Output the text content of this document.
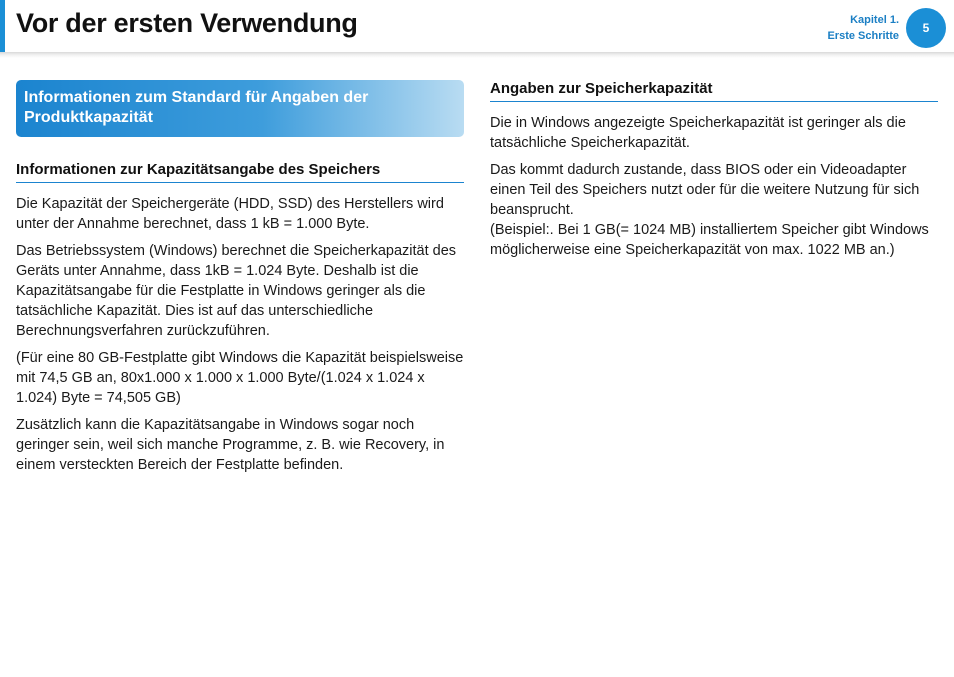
Vor der ersten Verwendung	Kapitel 1.
Erste Schritte
5
Informationen zum Standard für Angaben der Produktkapazität
Informationen zur Kapazitätsangabe des Speichers

Die Kapazität der Speichergeräte (HDD, SSD) des Herstellers wird unter der Annahme berechnet, dass 1 kB = 1.000 Byte.

Das Betriebssystem (Windows) berechnet die Speicherkapazität des Geräts unter Annahme, dass 1kB = 1.024 Byte. Deshalb ist die Kapazitätsangabe für die Festplatte in Windows geringer als die tatsächliche Kapazität. Dies ist auf das unterschiedliche Berechnungsverfahren zurückzuführen.

(Für eine 80 GB-Festplatte gibt Windows die Kapazität beispielsweise mit 74,5 GB an, 80x1.000 x 1.000 x 1.000 Byte/(1.024 x 1.024 x 1.024) Byte = 74,505 GB)

Zusätzlich kann die Kapazitätsangabe in Windows sogar noch geringer sein, weil sich manche Programme, z. B. wie Recovery, in einem versteckten Bereich der Festplatte befinden.

Angaben zur Speicherkapazität

Die in Windows angezeigte Speicherkapazität ist geringer als die tatsächliche Speicherkapazität.

Das kommt dadurch zustande, dass BIOS oder ein Videoadapter einen Teil des Speichers nutzt oder für die weitere Nutzung für sich beansprucht.
(Beispiel:. Bei 1 GB(= 1024 MB) installiertem Speicher gibt Windows möglicherweise eine Speicherkapazität von max. 1022 MB an.)
